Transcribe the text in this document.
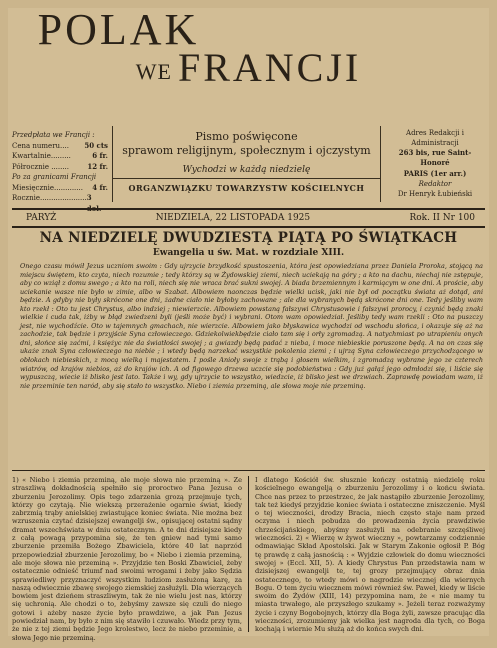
POLAK
WE FRANCJI
Przedpłata we Francji :
Cena numeru.... 50 cts
Kwartalnie.........	6 fr.
Półrocznie ........	12 fr.
Po za granicami Francji
Miesięcznie............. 4 fr.
Rocznie..................... 3 dol.
Pismo poświęcone
sprawom religijnym, społecznym i ojczystym
Wychodzi w każdą niedzielę
ORGANZWIĄZKU TOWARZYSTW KOŚCIELNYCH
Adres Redakcji i
Administracji
263 bis, rue Saint-Honoré
PARIS (1er arr.)
Redaktor
Dr Henryk Łubieński
PARYŻ	NIEDZIELA, 22 LISTOPADA 1925	Rok. II Nr 100
NA NIEDZIELĘ DWUDZIESTĄ PIĄTĄ PO ŚWIĄTKACH
Ewangelia u św. Mat. w rozdziale XIII.
Onego czasu mówił Jezus uczniom swoim : Gdy ujrzycie brzydkość spustoszenia, która jest opowiedziana przez Daniela Proroka, stojącą na miejscu świętem, kto czyta, niech rozumie ; tedy którzy są w Żydowskiej ziemi, niech uciekają na góry ; a kto na dachu, niechaj nie zstępuje, aby co wziął z domu swego ; a kto na roli, niech się nie wraca brać sukni swojej. A biada brzemiennym i karmiącym w one dni. A proście, aby uciekanie wasze nie było w zimie, albo w Szabat. Albowiem naonczas będzie wielki ucisk, jaki nie był od początku świata aż dotąd, ani będzie. A gdyby nie były skrócone one dni, żadne ciało nie byłoby zachowane ; ale dla wybranych będą skrócone dni one. Tedy jeśliby wam kto rzekł : Oto tu jest Chrystus, albo indziej ; niewierzcie. Albowiem powstaną fałszywi Chrystusowie i fałszywi prorocy, i czynić będą znaki wielkie i cuda tak, iżby w błąd zwiedzeni byli (jeśli może być) i wybrani. Otom wam opowiedział. Jeśliby tedy wam rzekli : Oto na puszczy jest, nie wychodźcie. Oto w tajemnych gmachach, nie wierzcie. Albowiem jako błyskawica wychodzi od wschodu słońca, i okazuje się aż na zachodzie, tak będzie i przyjście Syna człowieczego. Gdziekolwiekbędzie ciało tam się i orły zgromadzą. A natychmiast po utrapieniu onych dni, słońce się zaćmi, i księżyc nie da światłości swojej ; a gwiazdy będą padać z nieba, i moce niebieskie poruszone będą. A na on czas się ukaże znak Syna człowieczego na niebie ; i wtedy będą narzekać wszystkie pokolenia ziemi ; i ujrzą Syna człowieczego przychodzącego w obłokach niebieskich, z mocą wielką i majestatem. I pośle Anioły swoje z trąbą i głosem wielkim, i zgromadzą wybrane jego ze czterech wiatrów, od krajów niebios, aż do krajów ich. A od figowego drzewa uczcie się podobieństwa : Gdy już gałąź jego odmłodzi się, i liście się wypuszczą, wiecie iż blisko jest lato. Także i wy, gdy ujrzycie to wszystko, wiedzcie, iż blisko jest we drzwiach. Zaprawdę powiadam wam, iż nie przeminie ten naród, aby się stało to wszystko. Niebo i ziemia przeminą, ale słowa moje nie przeminą.
1) « Niebo i ziemia przeminą, ale moje słowa nie przeminą ». Ze straszliwą dokładnością spełniło się proroctwo Pana Jezusa o zburzeniu Jerozolimy. Opis tego zdarzenia grozą przejmuje tych, którzy go czytają. Nie wiekszą przeraźenie ogarnie świat, kiedy zabrzmią trąby anielskiej zwiastujące koniec świata. Nie można bez wzruszenia czytać dzisiejszej ewangelji św., opisującej ostatni sądny dramat wszechświata w dniu ostatecznym. A te dni dzisiejsze kiedy z całą powagą przypomina się, że ten gniew nad tymi samo zburzenie przemiła Bożego Zbawiciela, które 40 lat naprzód przepowiedział zburzenie Jerozolimy, bo « Niebo i ziemia przeminą, ale moje słowa nie przeminą ». Przyjdzie ten Boski Zbawiciel, żeby ostatecznie odnieść triumf nad swoimi wrogami i żeby jako Sędzia sprawiedliwy przyznaczyć wszystkim ludziom zasłużoną karę, za naszą odwiecznie zbawę swojego ziemskiej zasłużyli. Dla wierzących bowiem jest dzieńem straszliwym, tak że nie wielu jest nas, którzy się uchronią. Ale chodzi o to, żebyśmy zawsze się czuli do niego gotowi i ażeby nasze życie było prawdziwe, a jak Pan Jezus powiedział nam, by było z nim się stawiło i czuwało. Wiedz przy tym, że nie z tej ziemi będzie Jego krolestwo, lecz że niebo przeminie, a słowa Jego nie przeminą.
I dlatego Kościół św. słusznie kończy ostatnią niedzielę roku kościelnego ewangelją o zburzeniu Jerozolimy i o końcu świata. Chce nas przez to przestrzec, że jak nastąpiło zburzenie Jerozolimy, tak też kiedyś przyjdzie koniec świata i ostateczne zniszczenie. Myśl o tej wieczności, drodzy Bracia, niech często staje nam przed oczyma i niech pobudza do prowadzenia życia prawdziwie chrześcijańskiego, abyśmy zasłużyli na odebranie szczęśliwej wieczności. 2) « Wierzę w żywot wieczny », powtarzamy codziennie odmawiając Skład Apostolski. Jak w Starym Zakonie ogłosił P. Bóg tę prawdę z całą jasnością : « Wyjdzie człowiek do domu wieczności swojej » (Eccl. XII, 5). A kiedy Chrystus Pan przedstawia nam w dzisiejszej ewangelji te, tej grozy przejmujący obraz dnia ostatecznego, to wtedy mówi o nagrodzie wiecznej dla wiernych Bogu. O tem życiu wiecznem mówi również św. Paweł, kiedy w liście swoim do Żydów (XIII, 14) przypomina nam, że « nie mamy tu miasta trwałego, ale przyszłego szukamy ». Jeżeli teraz rozważymy życie i czyny Bogobojnych, którzy dla Boga żyli, zawsze pracując dla wieczności, zrozumiemy jak wielka jest nagroda dla tych, co Boga kochają i wiernie Mu służą aż do końca swych dni.
